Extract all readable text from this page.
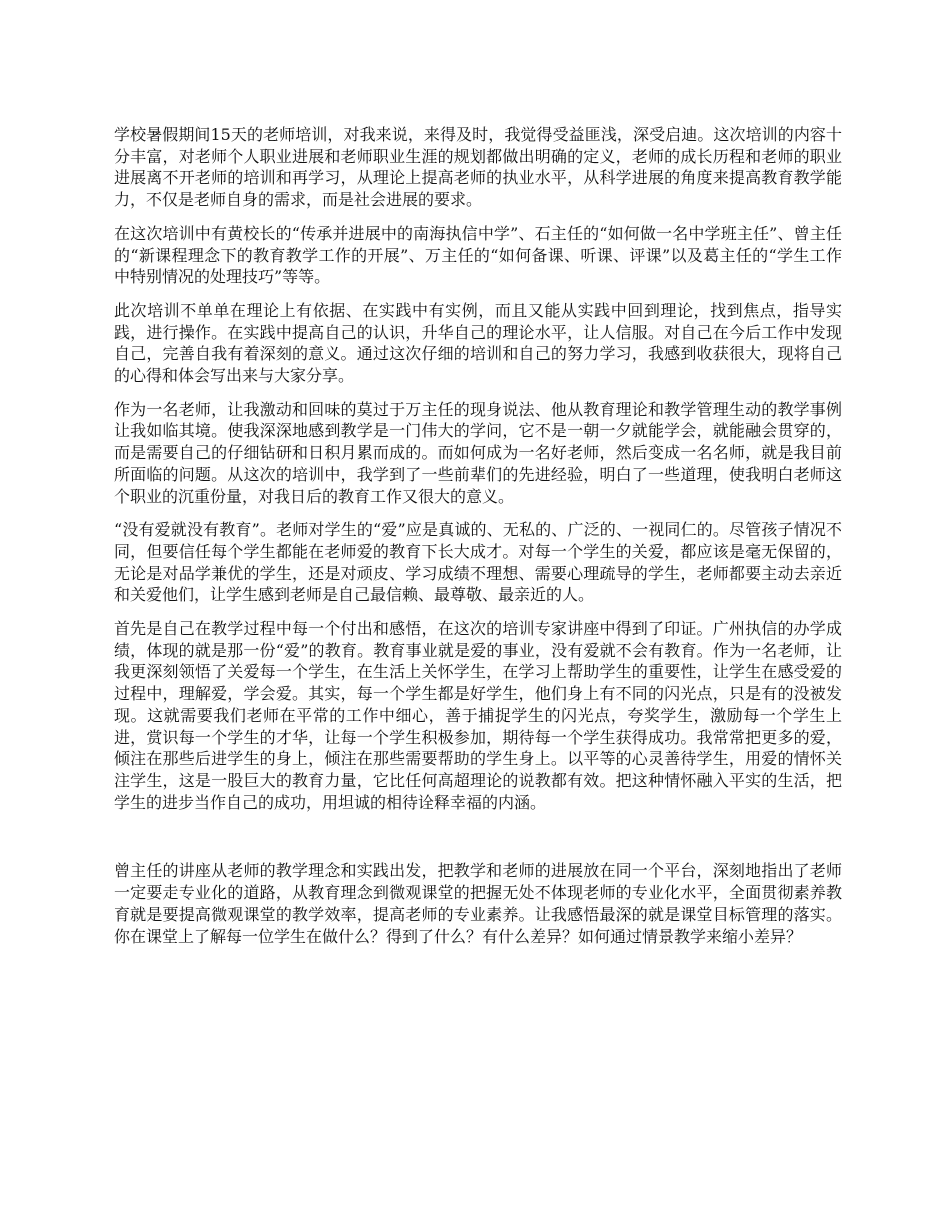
学校暑假期间15天的老师培训，对我来说，来得及时，我觉得受益匪浅，深受启迪。这次培训的内容十分丰富，对老师个人职业进展和老师职业生涯的规划都做出明确的定义，老师的成长历程和老师的职业进展离不开老师的培训和再学习，从理论上提高老师的执业水平，从科学进展的角度来提高教育教学能力，不仅是老师自身的需求，而是社会进展的要求。

在这次培训中有黄校长的“传承并进展中的南海执信中学”、石主任的“如何做一名中学班主任”、曾主任的“新课程理念下的教育教学工作的开展”、万主任的“如何备课、听课、评课”以及葛主任的“学生工作中特别情况的处理技巧”等等。

此次培训不单单在理论上有依据、在实践中有实例，而且又能从实践中回到理论，找到焦点，指导实践，进行操作。在实践中提高自己的认识，升华自己的理论水平，让人信服。对自己在今后工作中发现自己，完善自我有着深刻的意义。通过这次仔细的培训和自己的努力学习，我感到收获很大，现将自己的心得和体会写出来与大家分享。

作为一名老师，让我激动和回味的莫过于万主任的现身说法、他从教育理论和教学管理生动的教学事例让我如临其境。使我深深地感到教学是一门伟大的学问，它不是一朝一夕就能学会，就能融会贯穿的，而是需要自己的仔细钻研和日积月累而成的。而如何成为一名好老师，然后变成一名名师，就是我目前所面临的问题。从这次的培训中，我学到了一些前辈们的先进经验，明白了一些道理，使我明白老师这个职业的沉重份量，对我日后的教育工作又很大的意义。

“没有爱就没有教育”。老师对学生的“爱”应是真诚的、无私的、广泛的、一视同仁的。尽管孩子情况不同，但要信任每个学生都能在老师爱的教育下长大成才。对每一个学生的关爱，都应该是毫无保留的，无论是对品学兼优的学生，还是对顽皮、学习成绩不理想、需要心理疏导的学生，老师都要主动去亲近和关爱他们，让学生感到老师是自己最信赖、最尊敬、最亲近的人。

首先是自己在教学过程中每一个付出和感悟，在这次的培训专家讲座中得到了印证。广州执信的办学成绩，体现的就是那一份“爱”的教育。教育事业就是爱的事业，没有爱就不会有教育。作为一名老师，让我更深刻领悟了关爱每一个学生，在生活上关怀学生，在学习上帮助学生的重要性，让学生在感受爱的过程中，理解爱，学会爱。其实，每一个学生都是好学生，他们身上有不同的闪光点，只是有的没被发现。这就需要我们老师在平常的工作中细心，善于捕捉学生的闪光点，夸奖学生，激励每一个学生上进，赏识每一个学生的才华，让每一个学生积极参加，期待每一个学生获得成功。我常常把更多的爱，倾注在那些后进学生的身上，倾注在那些需要帮助的学生身上。以平等的心灵善待学生，用爱的情怀关注学生，这是一股巨大的教育力量，它比任何高超理论的说教都有效。把这种情怀融入平实的生活，把学生的进步当作自己的成功，用坦诚的相待诠释幸福的内涵。

曾主任的讲座从老师的教学理念和实践出发，把教学和老师的进展放在同一个平台，深刻地指出了老师一定要走专业化的道路，从教育理念到微观课堂的把握无处不体现老师的专业化水平，全面贯彻素养教育就是要提高微观课堂的教学效率，提高老师的专业素养。让我感悟最深的就是课堂目标管理的落实。你在课堂上了解每一位学生在做什么？得到了什么？有什么差异？如何通过情景教学来缩小差异？
